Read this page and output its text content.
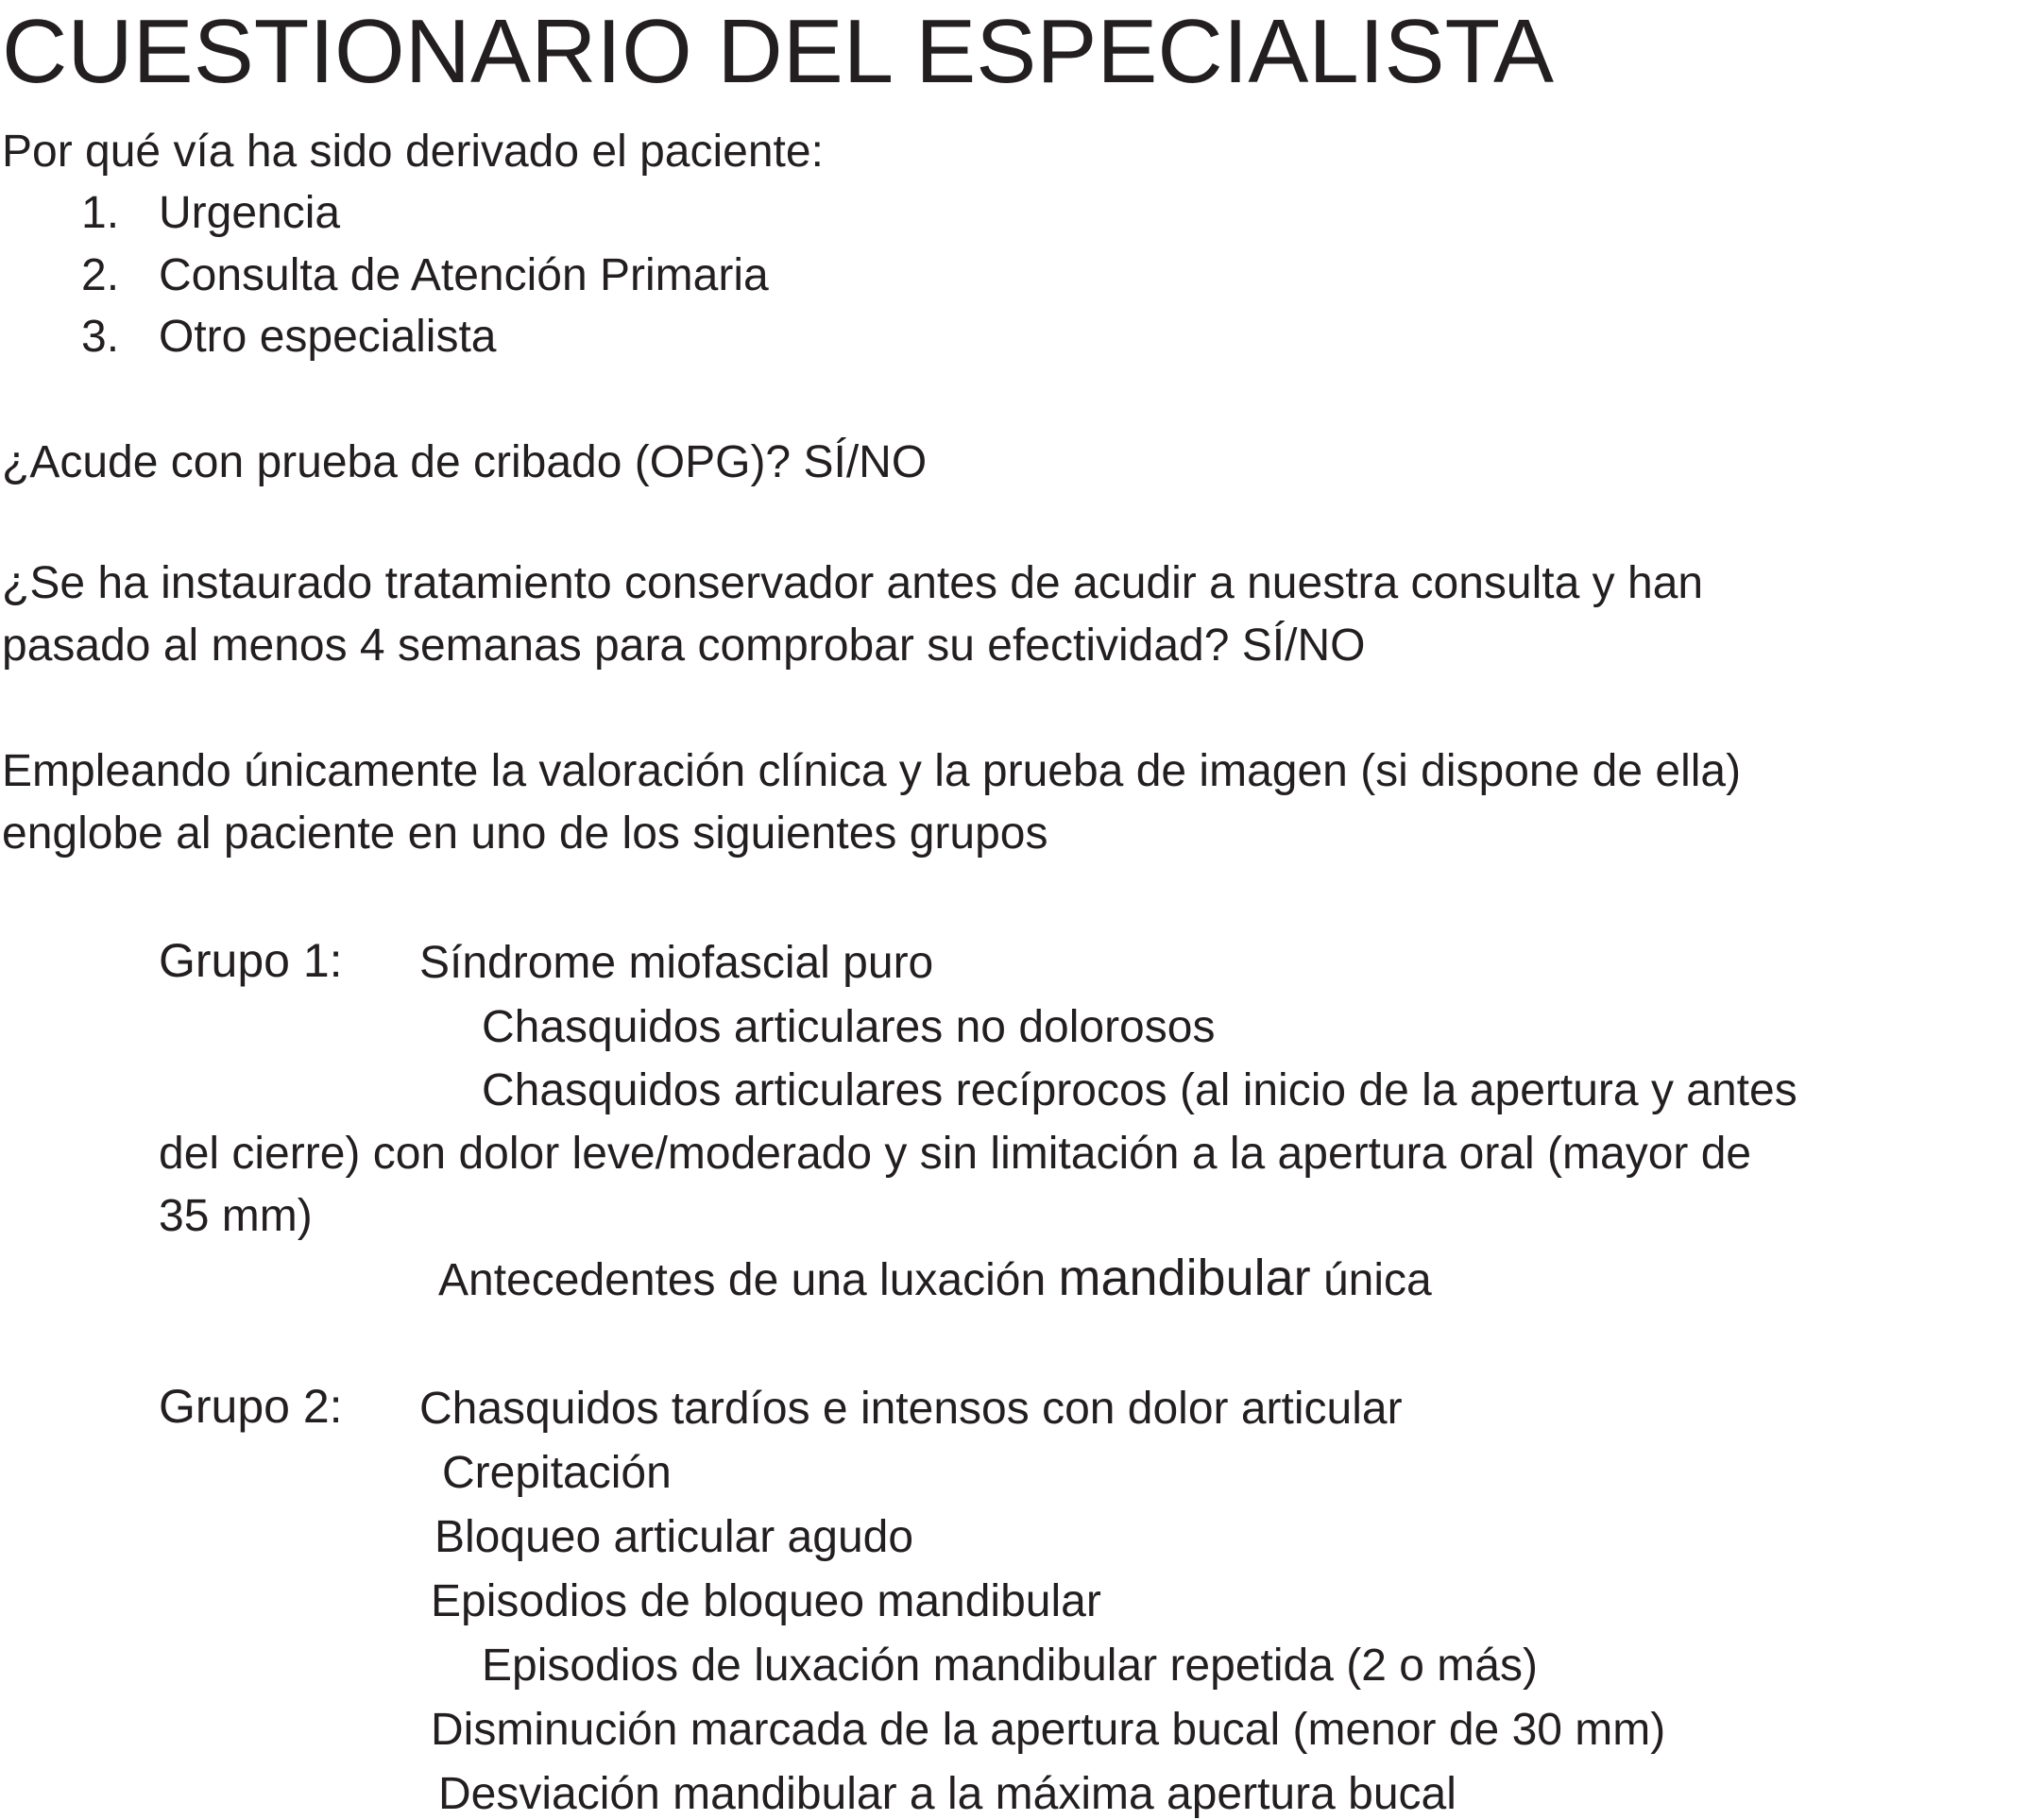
CUESTIONARIO DEL ESPECIALISTA

Por qué vía ha sido derivado el paciente:

1. Urgencia
2. Consulta de Atención Primaria
3. Otro especialista

¿Acude con prueba de cribado (OPG)? SÍ/NO

¿Se ha instaurado tratamiento conservador antes de acudir a nuestra consulta y han

pasado al menos 4 semanas para comprobar su efectividad? SÍ/NO

Empleando únicamente la valoración clínica y la prueba de imagen (si dispone de ella)

englobe al paciente en uno de los siguientes grupos

Grupo 1: Síndrome miofascial puro
Chasquidos articulares no dolorosos
Chasquidos articulares recíprocos (al inicio de la apertura y antes
del cierre) con dolor leve/moderado y sin limitación a la apertura oral (mayor de
35 mm)
Antecedentes de una luxación mandibular única
Grupo 2: Chasquidos tardíos e intensos con dolor articular
Crepitación
Bloqueo articular agudo
Episodios de bloqueo mandibular
Episodios de luxación mandibular repetida (2 o más)
Disminución marcada de la apertura bucal (menor de 30 mm)
Desviación mandibular a la máxima apertura bucal
